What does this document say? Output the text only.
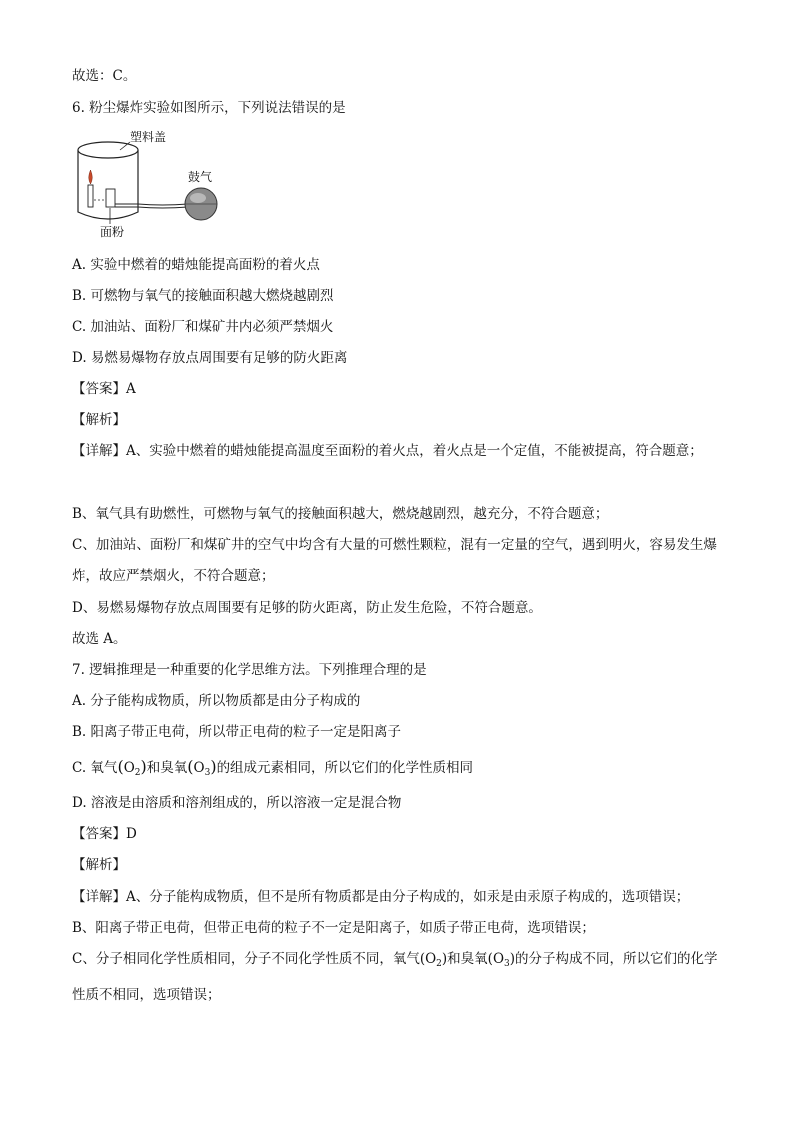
故选：C。
6. 粉尘爆炸实验如图所示，下列说法错误的是
塑料盖
面粉
鼓气
A. 实验中燃着的蜡烛能提高面粉的着火点
B. 可燃物与氧气的接触面积越大燃烧越剧烈
C. 加油站、面粉厂和煤矿井内必须严禁烟火
D. 易燃易爆物存放点周围要有足够的防火距离
【答案】A
【解析】
【详解】A、实验中燃着的蜡烛能提高温度至面粉的着火点，着火点是一个定值，不能被提高，符合题意；
B、氧气具有助燃性，可燃物与氧气的接触面积越大，燃烧越剧烈，越充分，不符合题意；
C、加油站、面粉厂和煤矿井的空气中均含有大量的可燃性颗粒，混有一定量的空气，遇到明火，容易发生爆炸，故应严禁烟火，不符合题意；
D、易燃易爆物存放点周围要有足够的防火距离，防止发生危险，不符合题意。
故选 A。
7. 逻辑推理是一种重要的化学思维方法。下列推理合理的是
A. 分子能构成物质，所以物质都是由分子构成的
B. 阳离子带正电荷，所以带正电荷的粒子一定是阳离子
C. 氧气$(O_2)$和臭氧$(O_3)$的组成元素相同，所以它们的化学性质相同
D. 溶液是由溶质和溶剂组成的，所以溶液一定是混合物
【答案】D
【解析】
【详解】A、分子能构成物质，但不是所有物质都是由分子构成的，如汞是由汞原子构成的，选项错误；
B、阳离子带正电荷，但带正电荷的粒子不一定是阳离子，如质子带正电荷，选项错误；
C、分子相同化学性质相同，分子不同化学性质不同，氧气$(O_2)$和臭氧$(O_3)$的分子构成不同，所以它们的化学性质不相同，选项错误；
